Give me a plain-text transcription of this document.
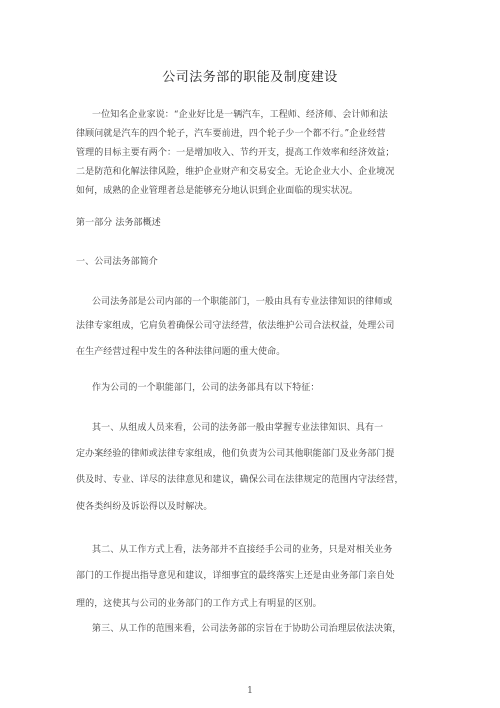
公司法务部的职能及制度建设
一位知名企业家说：“企业好比是一辆汽车，工程师、经济师、会计师和法
律顾问就是汽车的四个轮子，汽车要前进，四个轮子少一个都不行。”企业经营
管理的目标主要有两个：一是增加收入、节约开支，提高工作效率和经济效益；
二是防范和化解法律风险，维护企业财产和交易安全。无论企业大小、企业境况
如何，成熟的企业管理者总是能够充分地认识到企业面临的现实状况。
第一部分 法务部概述
一、公司法务部简介
公司法务部是公司内部的一个职能部门，一般由具有专业法律知识的律师或
法律专家组成，它肩负着确保公司守法经营，依法维护公司合法权益，处理公司
在生产经营过程中发生的各种法律问题的重大使命。
作为公司的一个职能部门，公司的法务部具有以下特征：
其一、从组成人员来看，公司的法务部一般由掌握专业法律知识、具有一
定办案经验的律师或法律专家组成，他们负责为公司其他职能部门及业务部门提
供及时、专业、详尽的法律意见和建议，确保公司在法律规定的范围内守法经营，
使各类纠纷及诉讼得以及时解决。
其二、从工作方式上看，法务部并不直接经手公司的业务，只是对相关业务
部门的工作提出指导意见和建议，详细事宜的最终落实上还是由业务部门亲自处
理的，这使其与公司的业务部门的工作方式上有明显的区别。
第三、从工作的范围来看，公司法务部的宗旨在于协助公司治理层依法决策，
1
